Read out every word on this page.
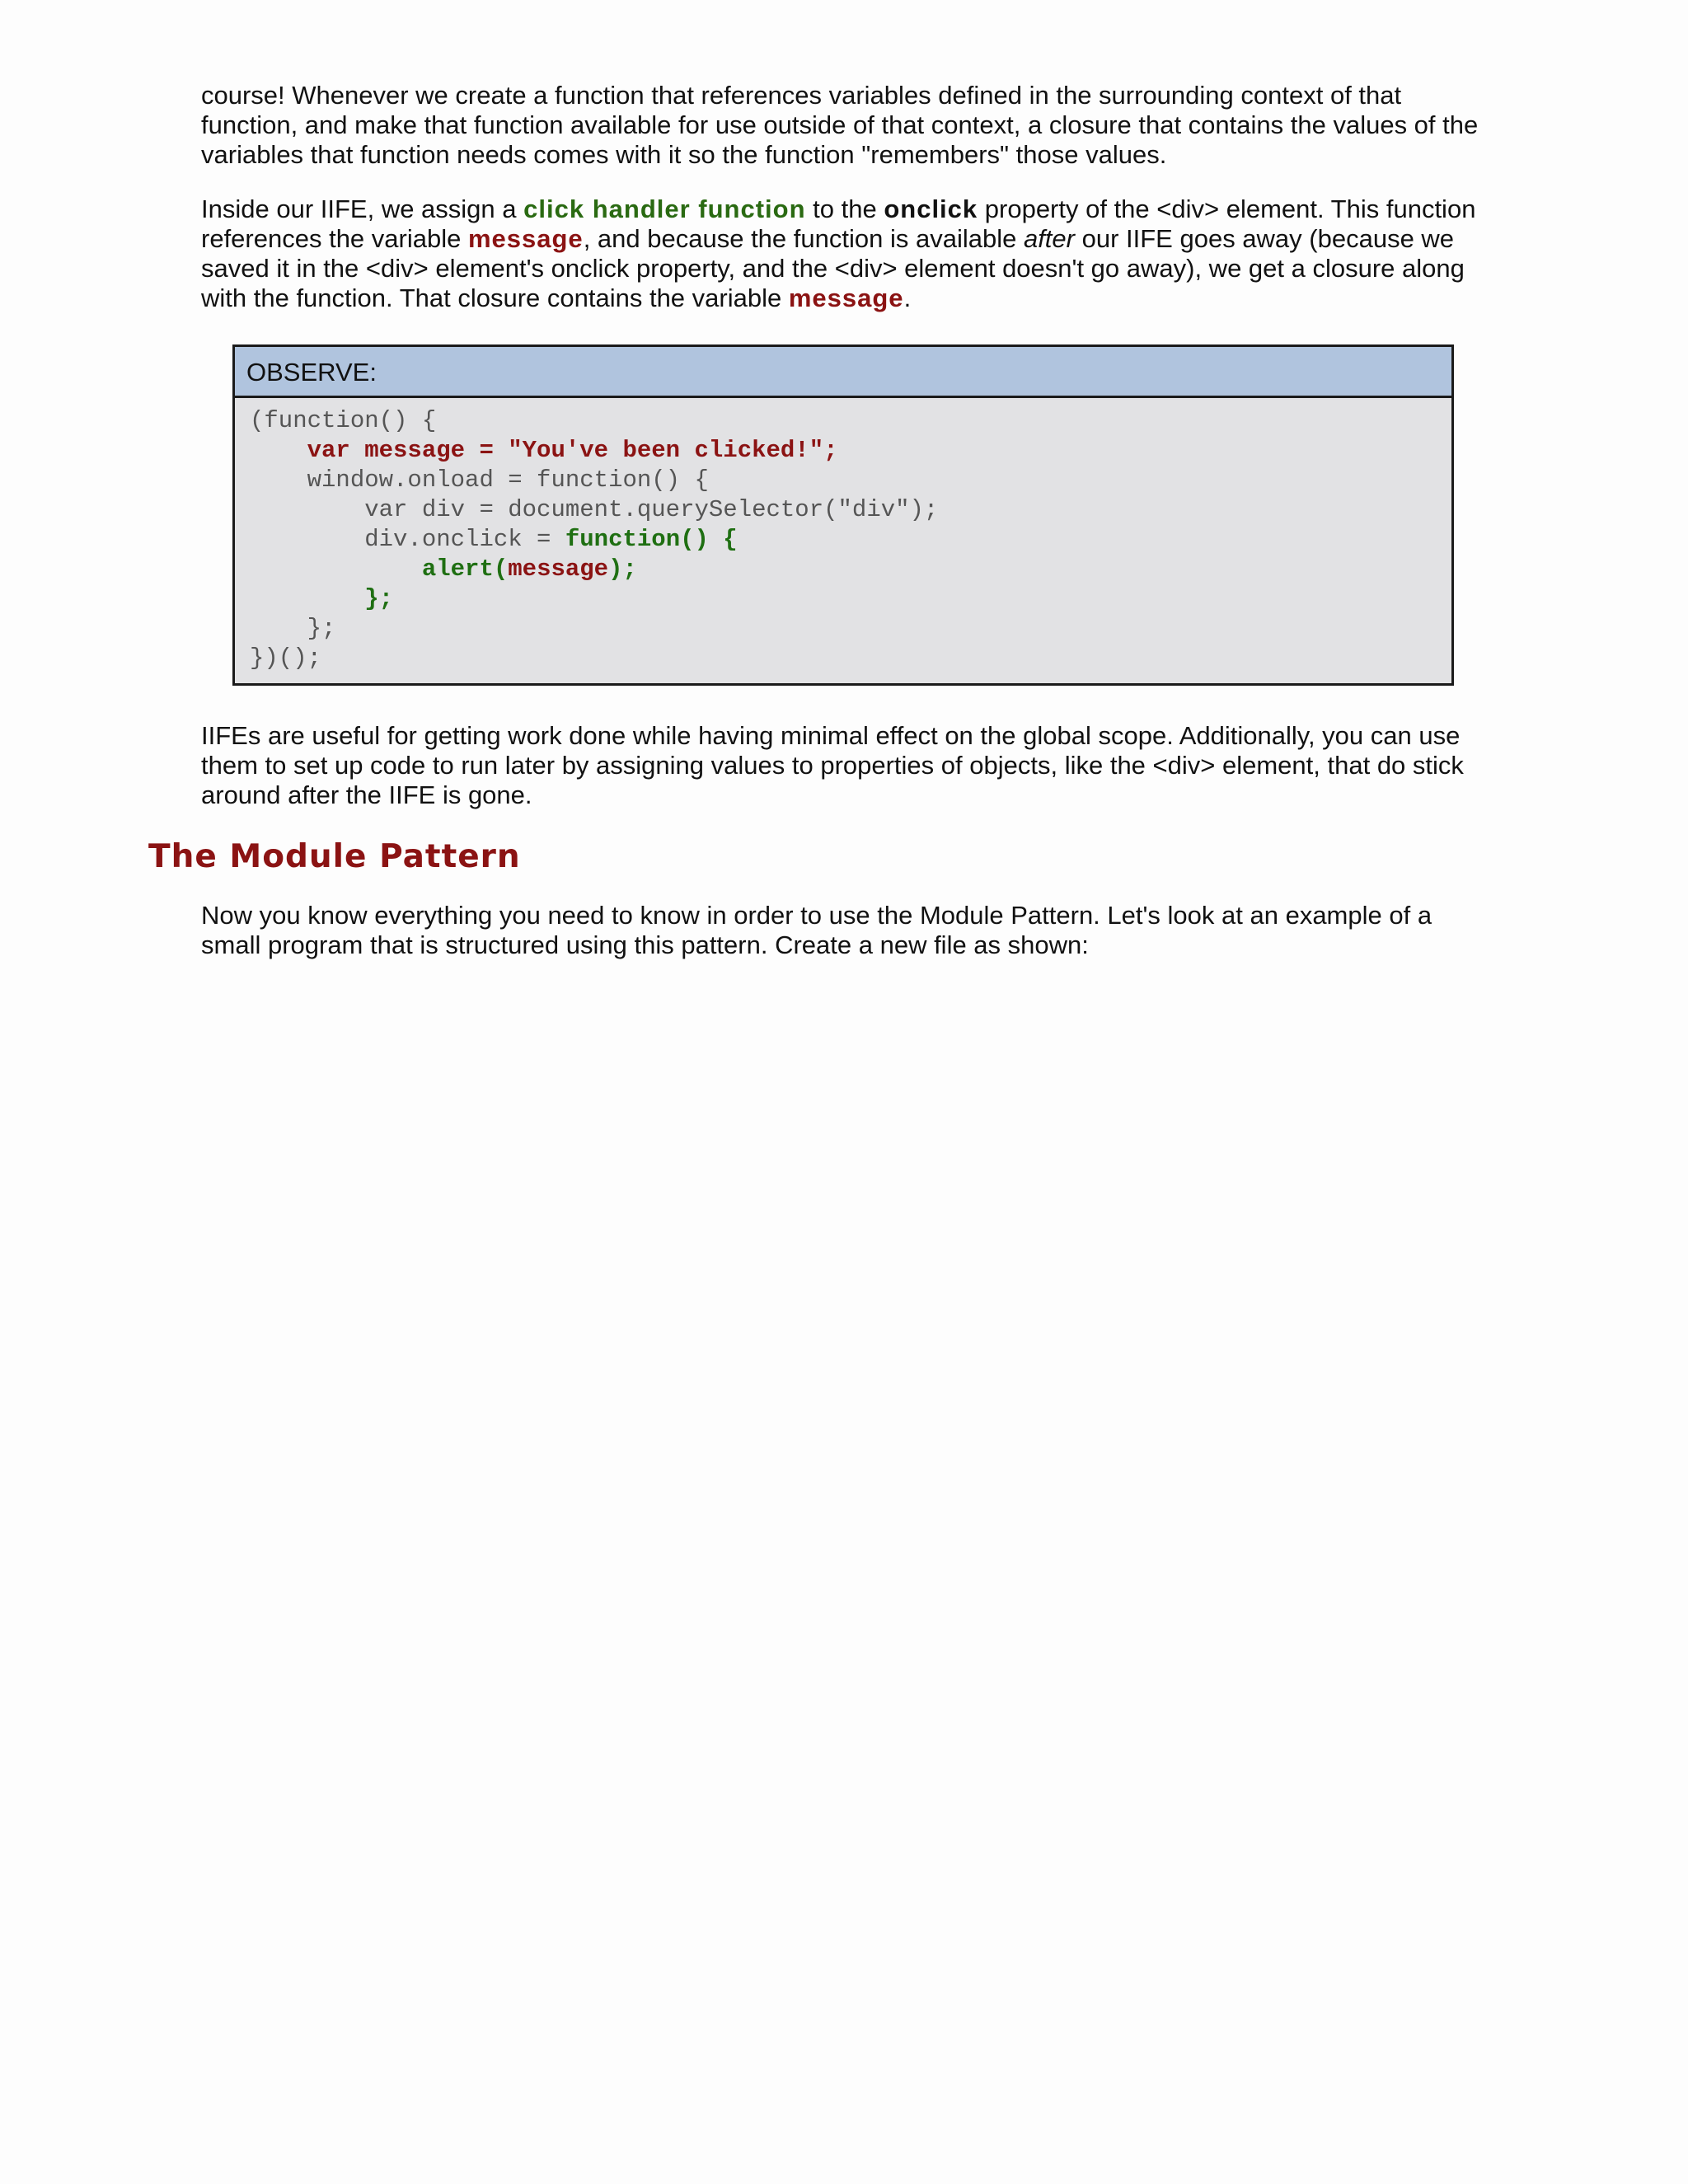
course! Whenever we create a function that references variables defined in the surrounding context of that function, and make that function available for use outside of that context, a closure that contains the values of the variables that function needs comes with it so the function "remembers" those values.

Inside our IIFE, we assign a click handler function to the onclick property of the <div> element. This function references the variable message, and because the function is available after our IIFE goes away (because we saved it in the <div> element's onclick property, and the <div> element doesn't go away), we get a closure along with the function. That closure contains the variable message.

OBSERVE:
(function() {
var message = "You've been clicked!";
window.onload = function() {
var div = document.querySelector("div");
div.onclick = function() {
alert(message);
};
};
})();

IIFEs are useful for getting work done while having minimal effect on the global scope. Additionally, you can use them to set up code to run later by assigning values to properties of objects, like the <div> element, that do stick around after the IIFE is gone.

The Module Pattern

Now you know everything you need to know in order to use the Module Pattern. Let's look at an example of a small program that is structured using this pattern. Create a new file as shown:
